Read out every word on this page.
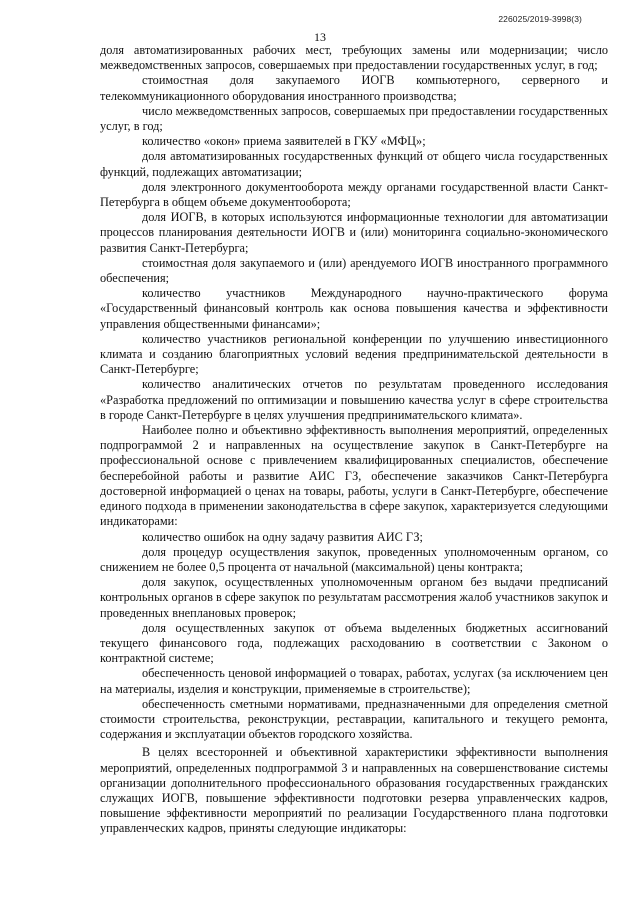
226025/2019-3998(3)
13

доля автоматизированных рабочих мест, требующих замены или модернизации; число межведомственных запросов, совершаемых при предоставлении государственных услуг, в год;

стоимостная доля закупаемого ИОГВ компьютерного, серверного и телекоммуникационного оборудования иностранного производства;

число межведомственных запросов, совершаемых при предоставлении государственных услуг, в год;

количество «окон» приема заявителей в ГКУ «МФЦ»;

доля автоматизированных государственных функций от общего числа государственных функций, подлежащих автоматизации;

доля электронного документооборота между органами государственной власти Санкт-Петербурга в общем объеме документооборота;

доля ИОГВ, в которых используются информационные технологии для автоматизации процессов планирования деятельности ИОГВ и (или) мониторинга социально-экономического развития Санкт-Петербурга;

стоимостная доля закупаемого и (или) арендуемого ИОГВ иностранного программного обеспечения;

количество участников Международного научно-практического форума «Государственный финансовый контроль как основа повышения качества и эффективности управления общественными финансами»;

количество участников региональной конференции по улучшению инвестиционного климата и созданию благоприятных условий ведения предпринимательской деятельности в Санкт-Петербурге;

количество аналитических отчетов по результатам проведенного исследования «Разработка предложений по оптимизации и повышению качества услуг в сфере строительства в городе Санкт-Петербурге в целях улучшения предпринимательского климата».

Наиболее полно и объективно эффективность выполнения мероприятий, определенных подпрограммой 2 и направленных на осуществление закупок в Санкт-Петербурге на профессиональной основе с привлечением квалифицированных специалистов, обеспечение бесперебойной работы и развитие АИС ГЗ, обеспечение заказчиков Санкт-Петербурга достоверной информацией о ценах на товары, работы, услуги в Санкт-Петербурге, обеспечение единого подхода в применении законодательства в сфере закупок, характеризуется следующими индикаторами:

количество ошибок на одну задачу развития АИС ГЗ;

доля процедур осуществления закупок, проведенных уполномоченным органом, со снижением не более 0,5 процента от начальной (максимальной) цены контракта;

доля закупок, осуществленных уполномоченным органом без выдачи предписаний контрольных органов в сфере закупок по результатам рассмотрения жалоб участников закупок и проведенных внеплановых проверок;

доля осуществленных закупок от объема выделенных бюджетных ассигнований текущего финансового года, подлежащих расходованию в соответствии с Законом о контрактной системе;

обеспеченность ценовой информацией о товарах, работах, услугах (за исключением цен на материалы, изделия и конструкции, применяемые в строительстве);

обеспеченность сметными нормативами, предназначенными для определения сметной стоимости строительства, реконструкции, реставрации, капитального и текущего ремонта, содержания и эксплуатации объектов городского хозяйства.

В целях всесторонней и объективной характеристики эффективности выполнения мероприятий, определенных подпрограммой 3 и направленных на совершенствование системы организации дополнительного профессионального образования государственных гражданских служащих ИОГВ, повышение эффективности подготовки резерва управленческих кадров, повышение эффективности мероприятий по реализации Государственного плана подготовки управленческих кадров, приняты следующие индикаторы:
